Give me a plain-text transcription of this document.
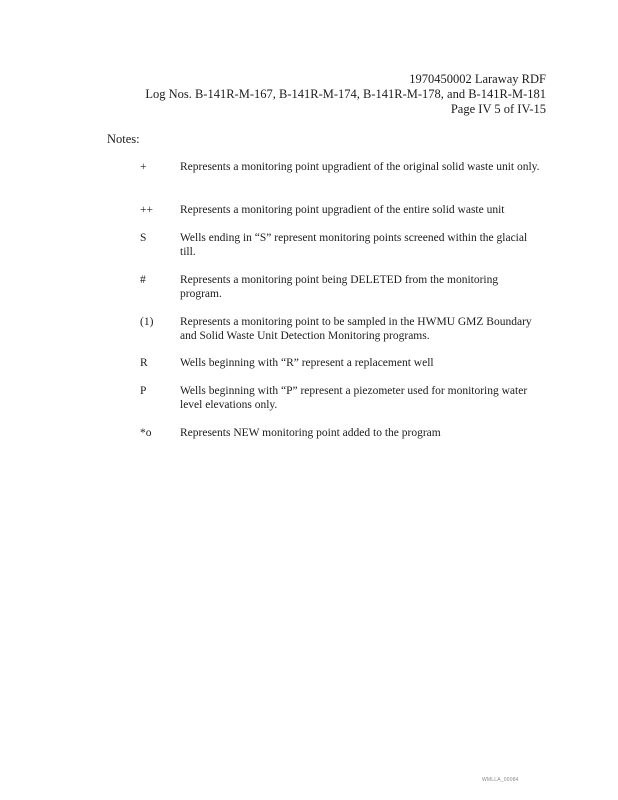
1970450002 Laraway RDF
Log Nos. B-141R-M-167, B-141R-M-174, B-141R-M-178, and B-141R-M-181
Page IV 5 of IV-15
Notes:
+	Represents a monitoring point upgradient of the original solid waste unit only.
++	Represents a monitoring point upgradient of the entire solid waste unit
S	Wells ending in “S” represent monitoring points screened within the glacial till.
#	Represents a monitoring point being DELETED from the monitoring program.
(1)	Represents a monitoring point to be sampled in the HWMU GMZ Boundary and Solid Waste Unit Detection Monitoring programs.
R	Wells beginning with “R” represent a replacement well
P	Wells beginning with “P” represent a piezometer used for monitoring water level elevations only.
*o	Represents NEW monitoring point added to the program
WMLLA_00084
